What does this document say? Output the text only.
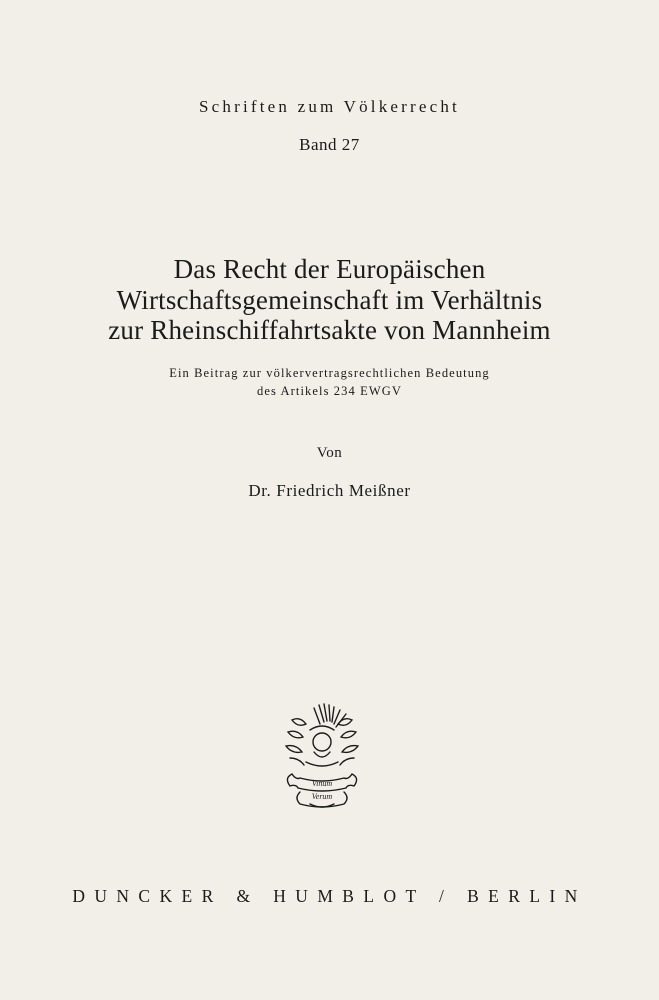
Schriften zum Völkerrecht
Band 27
Das Recht der Europäischen
Wirtschaftsgemeinschaft im Verhältnis
zur Rheinschiffahrtsakte von Mannheim
Ein Beitrag zur völkervertragsrechtlichen Bedeutung
des Artikels 234 EWGV
Von
Dr. Friedrich Meißner
Vinum
Verum
DUNCKER & HUMBLOT / BERLIN
